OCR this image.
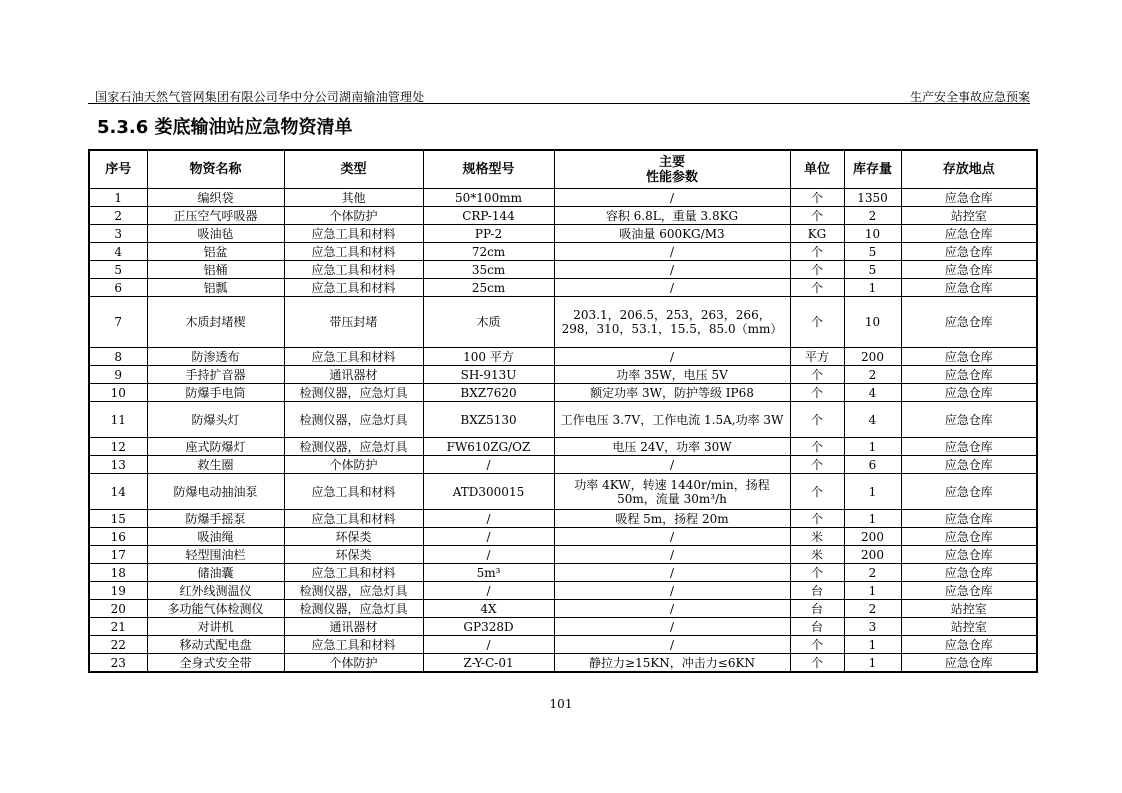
国家石油天然气管网集团有限公司华中分公司湖南输油管理处	生产安全事故应急预案
5.3.6 娄底输油站应急物资清单
序号	物资名称	类型	规格型号	主要
性能参数	单位	库存量	存放地点
1	编织袋	其他	50*100mm	/	个	1350	应急仓库
2	正压空气呼吸器	个体防护	CRP-144	容积 6.8L，重量 3.8KG	个	2	站控室
3	吸油毡	应急工具和材料	PP-2	吸油量 600KG/M3	KG	10	应急仓库
4	铝盆	应急工具和材料	72cm	/	个	5	应急仓库
5	铝桶	应急工具和材料	35cm	/	个	5	应急仓库
6	铝瓢	应急工具和材料	25cm	/	个	1	应急仓库
7	木质封堵楔	带压封堵	木质	203.1，206.5，253，263，266，298，310，53.1，15.5，85.0（mm）	个	10	应急仓库
8	防渗透布	应急工具和材料	100 平方	/	平方	200	应急仓库
9	手持扩音器	通讯器材	SH-913U	功率 35W，电压 5V	个	2	应急仓库
10	防爆手电筒	检测仪器，应急灯具	BXZ7620	额定功率 3W，防护等级 IP68	个	4	应急仓库
11	防爆头灯	检测仪器，应急灯具	BXZ5130	工作电压 3.7V，工作电流 1.5A,功率 3W	个	4	应急仓库
12	座式防爆灯	检测仪器，应急灯具	FW610ZG/OZ	电压 24V，功率 30W	个	1	应急仓库
13	救生圈	个体防护	/	/	个	6	应急仓库
14	防爆电动抽油泵	应急工具和材料	ATD300015	功率 4KW，转速 1440r/min，扬程 50m，流量 30m³/h	个	1	应急仓库
15	防爆手摇泵	应急工具和材料	/	吸程 5m，扬程 20m	个	1	应急仓库
16	吸油绳	环保类	/	/	米	200	应急仓库
17	轻型围油栏	环保类	/	/	米	200	应急仓库
18	储油囊	应急工具和材料	5m³	/	个	2	应急仓库
19	红外线测温仪	检测仪器，应急灯具	/	/	台	1	应急仓库
20	多功能气体检测仪	检测仪器，应急灯具	4X	/	台	2	站控室
21	对讲机	通讯器材	GP328D	/	台	3	站控室
22	移动式配电盘	应急工具和材料	/	/	个	1	应急仓库
23	全身式安全带	个体防护	Z-Y-C-01	静拉力≥15KN，冲击力≤6KN	个	1	应急仓库
101
